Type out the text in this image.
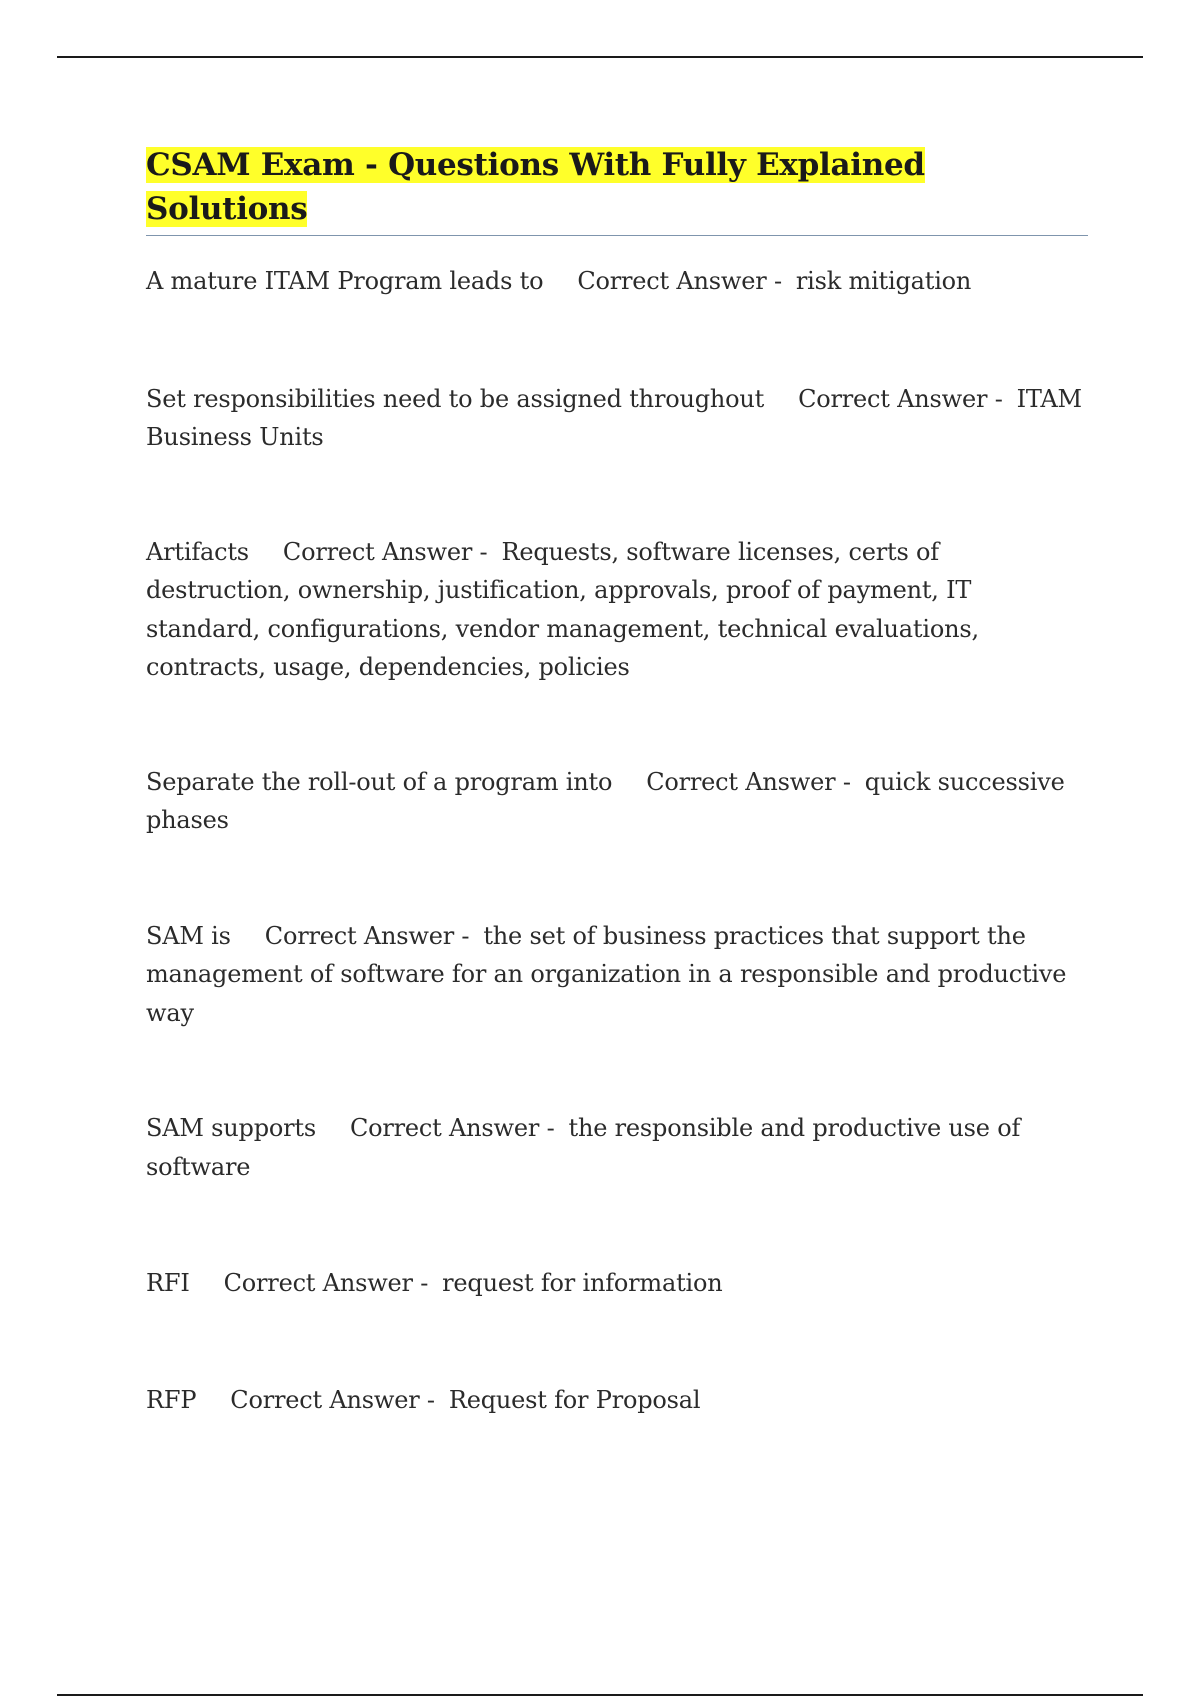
CSAM Exam - Questions With Fully Explained Solutions
A mature ITAM Program leads to Correct Answer - risk mitigation
Set responsibilities need to be assigned throughout Correct Answer - ITAM Business Units
Artifacts Correct Answer - Requests, software licenses, certs of destruction, ownership, justification, approvals, proof of payment, IT standard, configurations, vendor management, technical evaluations, contracts, usage, dependencies, policies
Separate the roll-out of a program into Correct Answer - quick successive phases
SAM is Correct Answer - the set of business practices that support the management of software for an organization in a responsible and productive way
SAM supports Correct Answer - the responsible and productive use of software
RFI Correct Answer - request for information
RFP Correct Answer - Request for Proposal
